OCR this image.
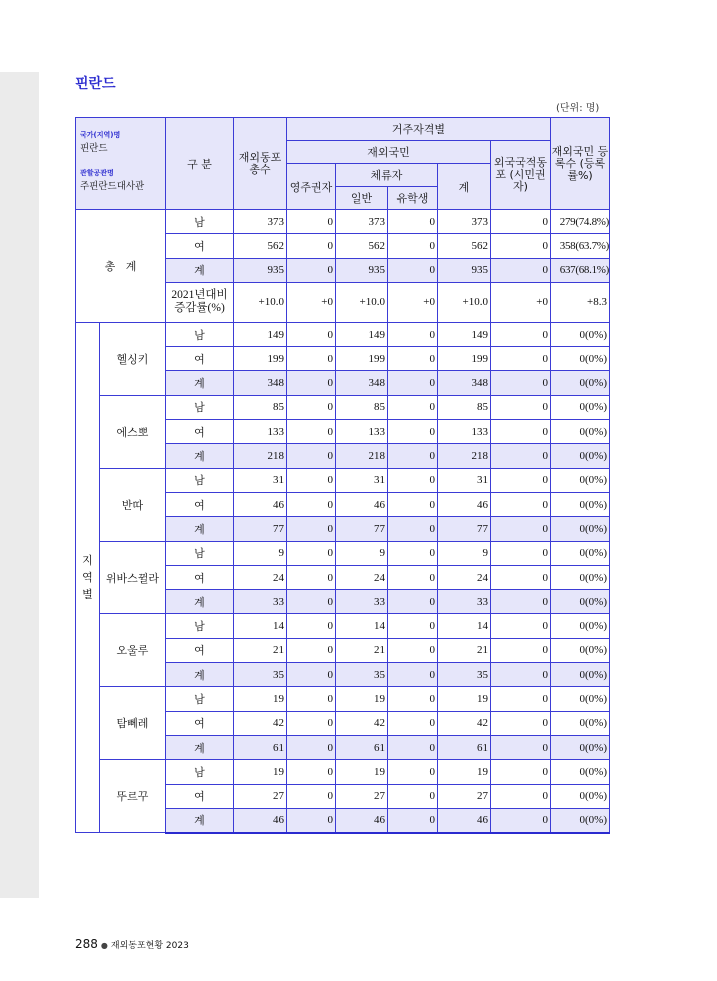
핀란드
(단위: 명)
국가(지역)명
핀란드
관할공관명
주핀란드대사관		구 분	재외동포 총수	거주자격별					재외국민 등록수 (등록률%)
				재외국민				외국국적동포 (시민권자)	
				영주권자	체류자		계		
					일반	유학생			
총   계		남	373	0	373	0	373	0	279(74.8%)
		여	562	0	562	0	562	0	358(63.7%)
		계	935	0	935	0	935	0	637(68.1%)
		2021년대비 증감률(%)	+10.0	+0	+10.0	+0	+10.0	+0	+8.3
지
역
별	헬싱키	남	149	0	149	0	149	0	0(0%)
		여	199	0	199	0	199	0	0(0%)
		계	348	0	348	0	348	0	0(0%)
	에스뽀	남	85	0	85	0	85	0	0(0%)
		여	133	0	133	0	133	0	0(0%)
		계	218	0	218	0	218	0	0(0%)
	반따	남	31	0	31	0	31	0	0(0%)
		여	46	0	46	0	46	0	0(0%)
		계	77	0	77	0	77	0	0(0%)
	위바스뀔라	남	9	0	9	0	9	0	0(0%)
		여	24	0	24	0	24	0	0(0%)
		계	33	0	33	0	33	0	0(0%)
	오울루	남	14	0	14	0	14	0	0(0%)
		여	21	0	21	0	21	0	0(0%)
		계	35	0	35	0	35	0	0(0%)
	탐뻬레	남	19	0	19	0	19	0	0(0%)
		여	42	0	42	0	42	0	0(0%)
		계	61	0	61	0	61	0	0(0%)
	뚜르꾸	남	19	0	19	0	19	0	0(0%)
		여	27	0	27	0	27	0	0(0%)
		계	46	0	46	0	46	0	0(0%)
288 ● 재외동포현황 2023
